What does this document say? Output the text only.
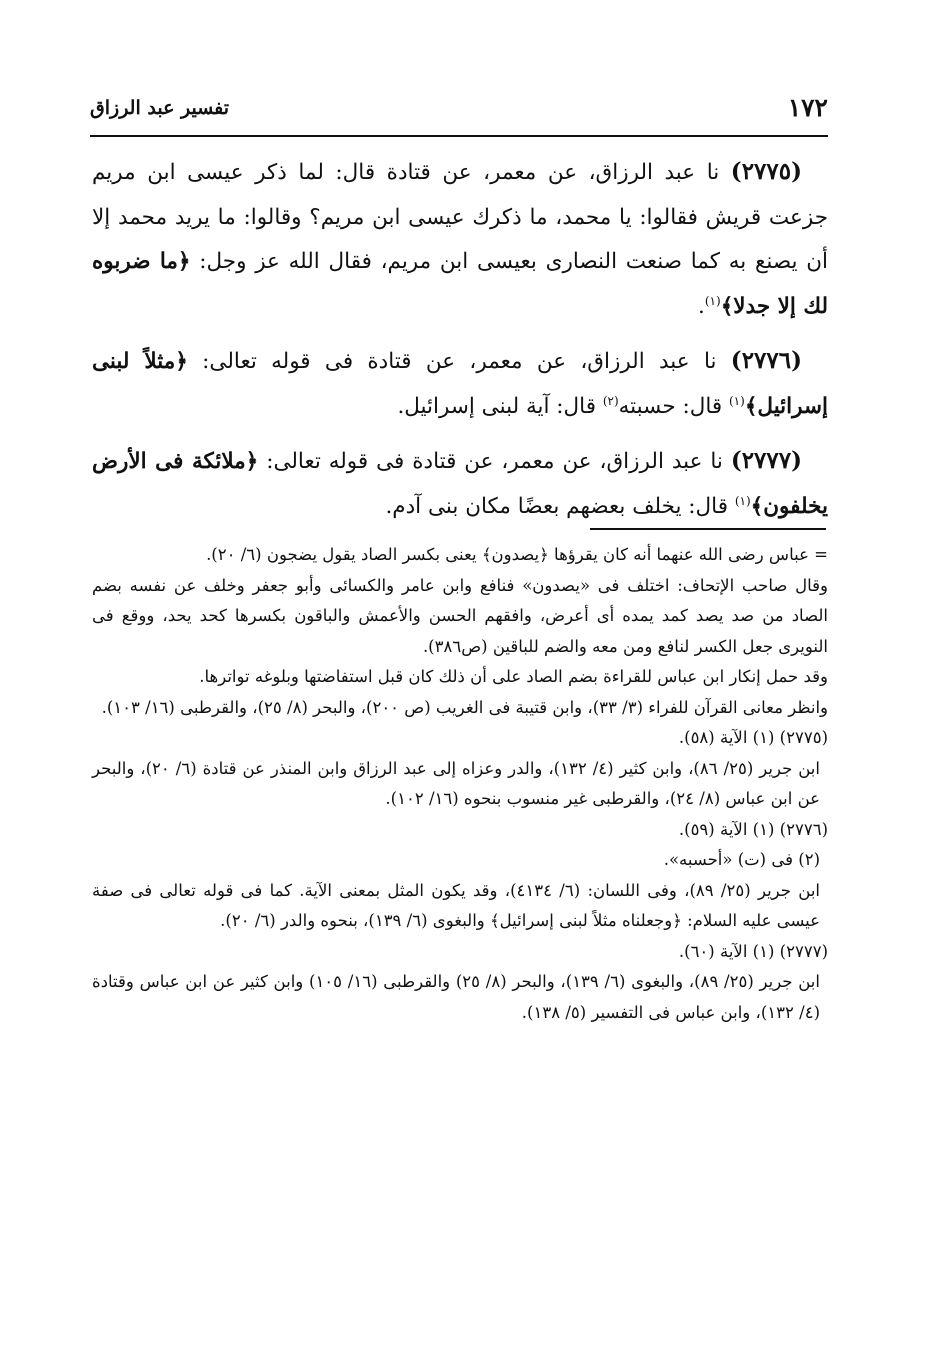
١٧٢
تفسير عبد الرزاق

(٢٧٧٥) نا عبد الرزاق، عن معمر، عن قتادة قال: لما ذكر عيسى ابن مريم جزعت قريش فقالوا: يا محمد، ما ذكرك عيسى ابن مريم؟ وقالوا: ما يريد محمد إلا أن يصنع به كما صنعت النصارى بعيسى ابن مريم، فقال الله عز وجل: ﴿ما ضربوه لك إلا جدلا﴾$^{(١)}$.

(٢٧٧٦) نا عبد الرزاق، عن معمر، عن قتادة فى قوله تعالى: ﴿مثلاً لبنى إسرائيل﴾$^{(١)}$ قال: حسبته$^{(٢)}$ قال: آية لبنى إسرائيل.

(٢٧٧٧) نا عبد الرزاق، عن معمر، عن قتادة فى قوله تعالى: ﴿ملائكة فى الأرض يخلفون﴾$^{(١)}$ قال: يخلف بعضهم بعضًا مكان بنى آدم.

= عباس رضى الله عنهما أنه كان يقرؤها ﴿يصدون﴾ يعنى بكسر الصاد يقول يضجون (٦/ ٢٠).

وقال صاحب الإتحاف: اختلف فى «يصدون» فنافع وابن عامر والكسائى وأبو جعفر وخلف عن نفسه بضم الصاد من صد يصد كمد يمده أى أعرض، وافقهم الحسن والأعمش والباقون بكسرها كحد يحد، ووقع فى النويرى جعل الكسر لنافع ومن معه والضم للباقين (ص٣٨٦).

وقد حمل إنكار ابن عباس للقراءة بضم الصاد على أن ذلك كان قبل استفاضتها وبلوغه تواترها.

وانظر معانى القرآن للفراء (٣/ ٣٣)، وابن قتيبة فى الغريب (ص ٢٠٠)، والبحر (٨/ ٢٥)، والقرطبى (١٦/ ١٠٣).

(٢٧٧٥) (١) الآية (٥٨).

ابن جرير (٢٥/ ٨٦)، وابن كثير (٤/ ١٣٢)، والدر وعزاه إلى عبد الرزاق وابن المنذر عن قتادة (٦/ ٢٠)، والبحر عن ابن عباس (٨/ ٢٤)، والقرطبى غير منسوب بنحوه (١٦/ ١٠٢).

(٢٧٧٦) (١) الآية (٥٩).

(٢) فى (ت) «أحسبه».

ابن جرير (٢٥/ ٨٩)، وفى اللسان: (٦/ ٤١٣٤)، وقد يكون المثل بمعنى الآية. كما فى قوله تعالى فى صفة عيسى عليه السلام: ﴿وجعلناه مثلاً لبنى إسرائيل﴾ والبغوى (٦/ ١٣٩)، بنحوه والدر (٦/ ٢٠).

(٢٧٧٧) (١) الآية (٦٠).

ابن جرير (٢٥/ ٨٩)، والبغوى (٦/ ١٣٩)، والبحر (٨/ ٢٥) والقرطبى (١٦/ ١٠٥) وابن كثير عن ابن عباس وقتادة (٤/ ١٣٢)، وابن عباس فى التفسير (٥/ ١٣٨).
